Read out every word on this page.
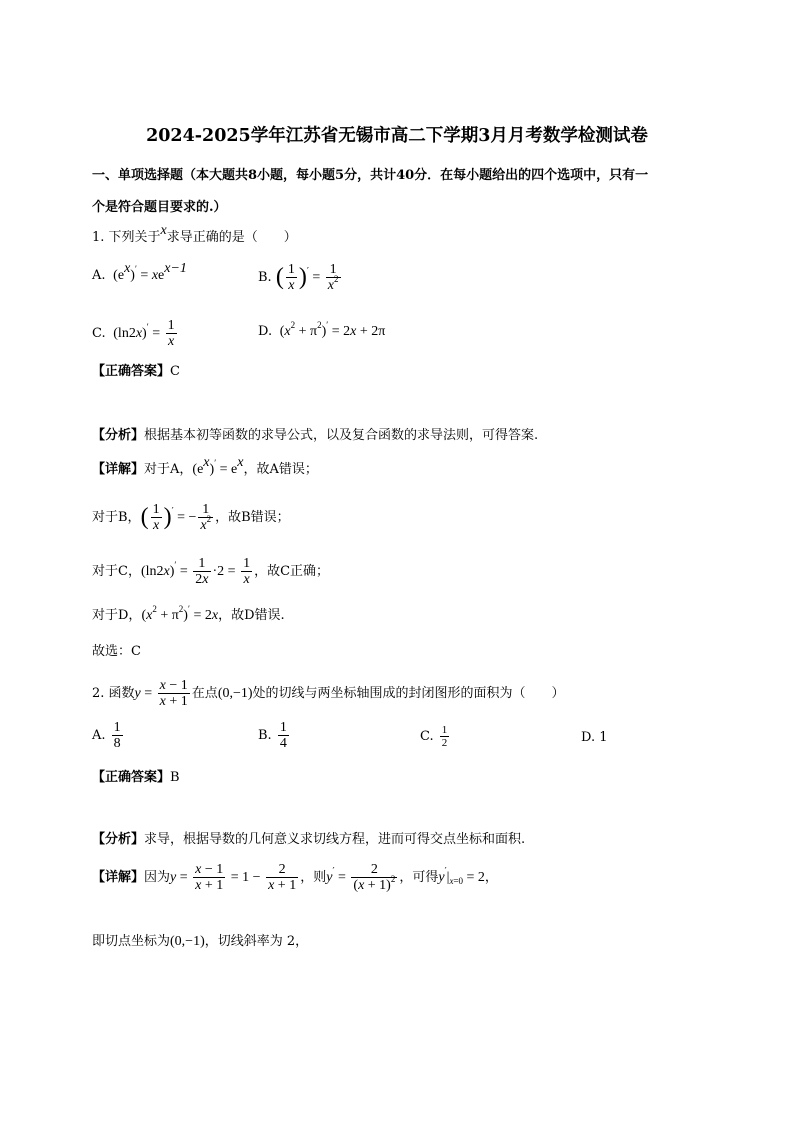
2024-2025学年江苏省无锡市高二下学期3月月考数学检测试卷
一、单项选择题（本大题共8小题，每小题5分，共计40分．在每小题给出的四个选项中，只有一
个是符合题目要求的.）
1. 下列关于$^x$求导正确的是（　　）
A.  $(e^x)' = xe^{x-1}$
B. ( $\frac{1}{x} )' = \frac{1}{x^2}$
C.  $(\ln 2x)' = \frac{1}{x}$	D.  $(x^2 + \pi^2)' = 2x + 2\pi$
【正确答案】C
【分析】根据基本初等函数的求导公式，以及复合函数的求导法则，可得答案.
【详解】对于A，$(e^x)' = e^x$，故A错误；
对于B，( $\frac{1}{x} )'$ = − $\frac{1}{x^2}$ ，故B错误；
对于C，$(\ln 2x)' = \frac{1}{2x} \cdot 2 = \frac{1}{x}$ ，故C正确；
对于D，$(x^2 + \pi^2)' = 2x$，故D错误.
故选：C
2. 函数$y = \frac{x - 1}{x + 1}$ 在点(0,−1)处的切线与两坐标轴围成的封闭图形的面积为（　　）
A. $\frac{1}{8}$	B. $\frac{1}{4}$	C. $\frac{1}{2}$	D. 1
【正确答案】B
【分析】求导，根据导数的几何意义求切线方程，进而可得交点坐标和面积.
【详解】因为$y = \frac{x - 1}{x + 1} = 1 - \frac{2}{x + 1}$ ，则$y' = \frac{2}{(x + 1)^2}$ ，可得$y'|_{x=0} = 2$，
即切点坐标为(0,−1)，切线斜率为 2，
